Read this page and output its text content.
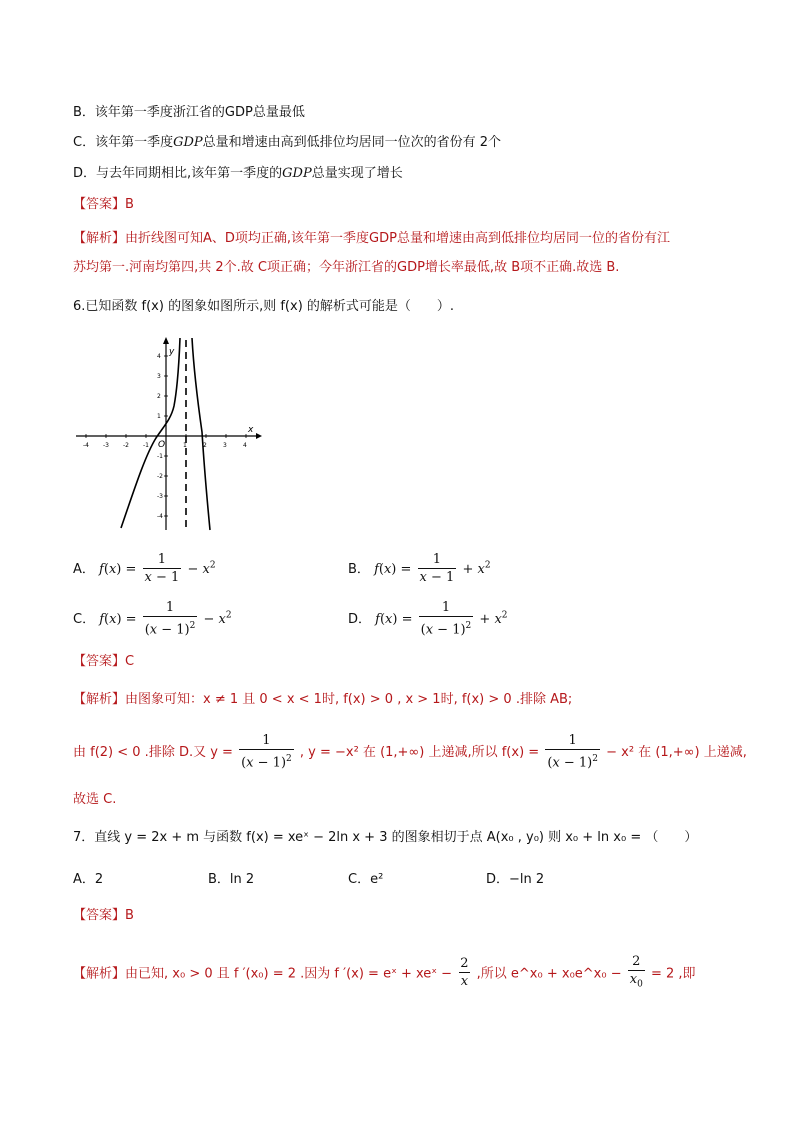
B．该年第一季度浙江省的GDP总量最低
C．该年第一季度GDP总量和增速由高到低排位均居同一位次的省份有 2个
D．与去年同期相比,该年第一季度的GDP总量实现了增长
【答案】B
【解析】由折线图可知A、D项均正确,该年第一季度GDP总量和增速由高到低排位均居同一位的省份有江
苏均第一.河南均第四,共 2个.故 C项正确；今年浙江省的GDP增长率最低,故 B项不正确.故选 B.
6.已知函数 f(x) 的图象如图所示,则 f(x) 的解析式可能是（　　）.
-4 -3 -2 -1	1	2	3	4
4
3
2
1
-1
-2
-3
-4
x
y
O
A． $f(x) = \frac{1}{x - 1} - x^2$	B． $f(x) = \frac{1}{x - 1} + x^2$
C． $f(x) = \frac{1}{(x - 1)^2} - x^2$	D． $f(x) = \frac{1}{(x - 1)^2} + x^2$
【答案】C
【解析】由图象可知：x ≠ 1 且 0 < x < 1时, f(x) > 0 , x > 1时, f(x) > 0 .排除 AB;
由 f(2) < 0 .排除 D.又 $y = \frac{1}{(x - 1)^2}$ , y = −x² 在 (1,+∞) 上递减,所以 $f(x) = \frac{1}{(x - 1)^2} - x^2$ 在 (1,+∞) 上递减,
故选 C.
7．直线 y = 2x + m 与函数 f(x) = xeˣ − 2ln x + 3 的图象相切于点 A(x₀ , y₀) 则 x₀ + ln x₀ = （　　）
A．2	B．ln 2	C．e²	D．−ln 2
【答案】B
【解析】由已知, x₀ > 0 且 f ′(x₀) = 2 .因为 f ′(x) = eˣ + xeˣ − $\frac{2}{x}$ ,所以 e^x₀ + x₀e^x₀ − $\frac{2}{x_0} = 2$ ,即
